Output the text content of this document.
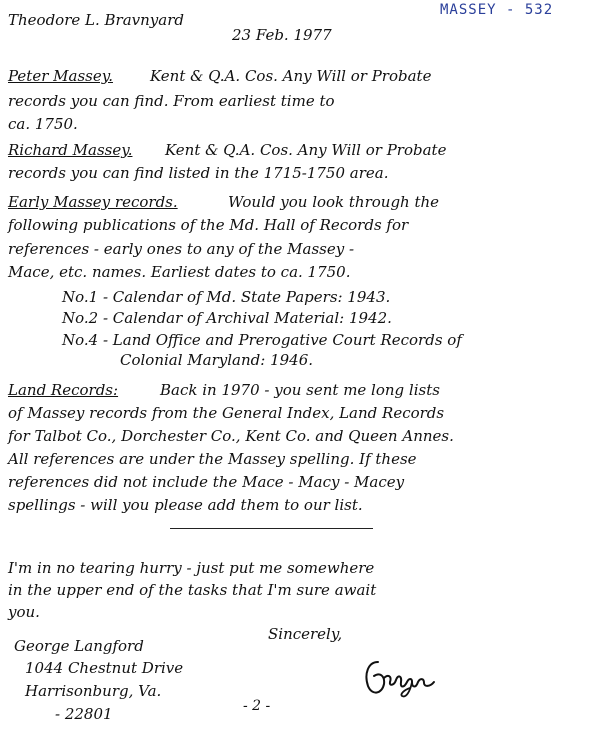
MASSEY - 532
Theodore L. Bravnyard
23 Feb. 1977
Peter Massey. Kent & Q.A. Cos. Any Will or Probate
records you can find. From earliest time to
ca. 1750.
Richard Massey. Kent & Q.A. Cos. Any Will or Probate
records you can find listed in the 1715-1750 area.
Early Massey records.	Would you look through the
following publications of the Md. Hall of Records for
references - early ones to any of the Massey -
Mace, etc. names. Earliest dates to ca. 1750.
No.1 - Calendar of Md. State Papers: 1943.
No.2 - Calendar of Archival Material: 1942.
No.4 - Land Office and Prerogative Court Records of
Colonial Maryland: 1946.
Land Records:	Back in 1970 - you sent me long lists
of Massey records from the General Index, Land Records
for Talbot Co., Dorchester Co., Kent Co. and Queen Annes.
All references are under the Massey spelling. If these
references did not include the Mace - Macy - Macey
spellings - will you please add them to our list.
I'm in no tearing hurry - just put me somewhere
in the upper end of the tasks that I'm sure await
you.
Sincerely,
George Langford
1044 Chestnut Drive
Harrisonburg, Va.
- 22801	- 2 -
